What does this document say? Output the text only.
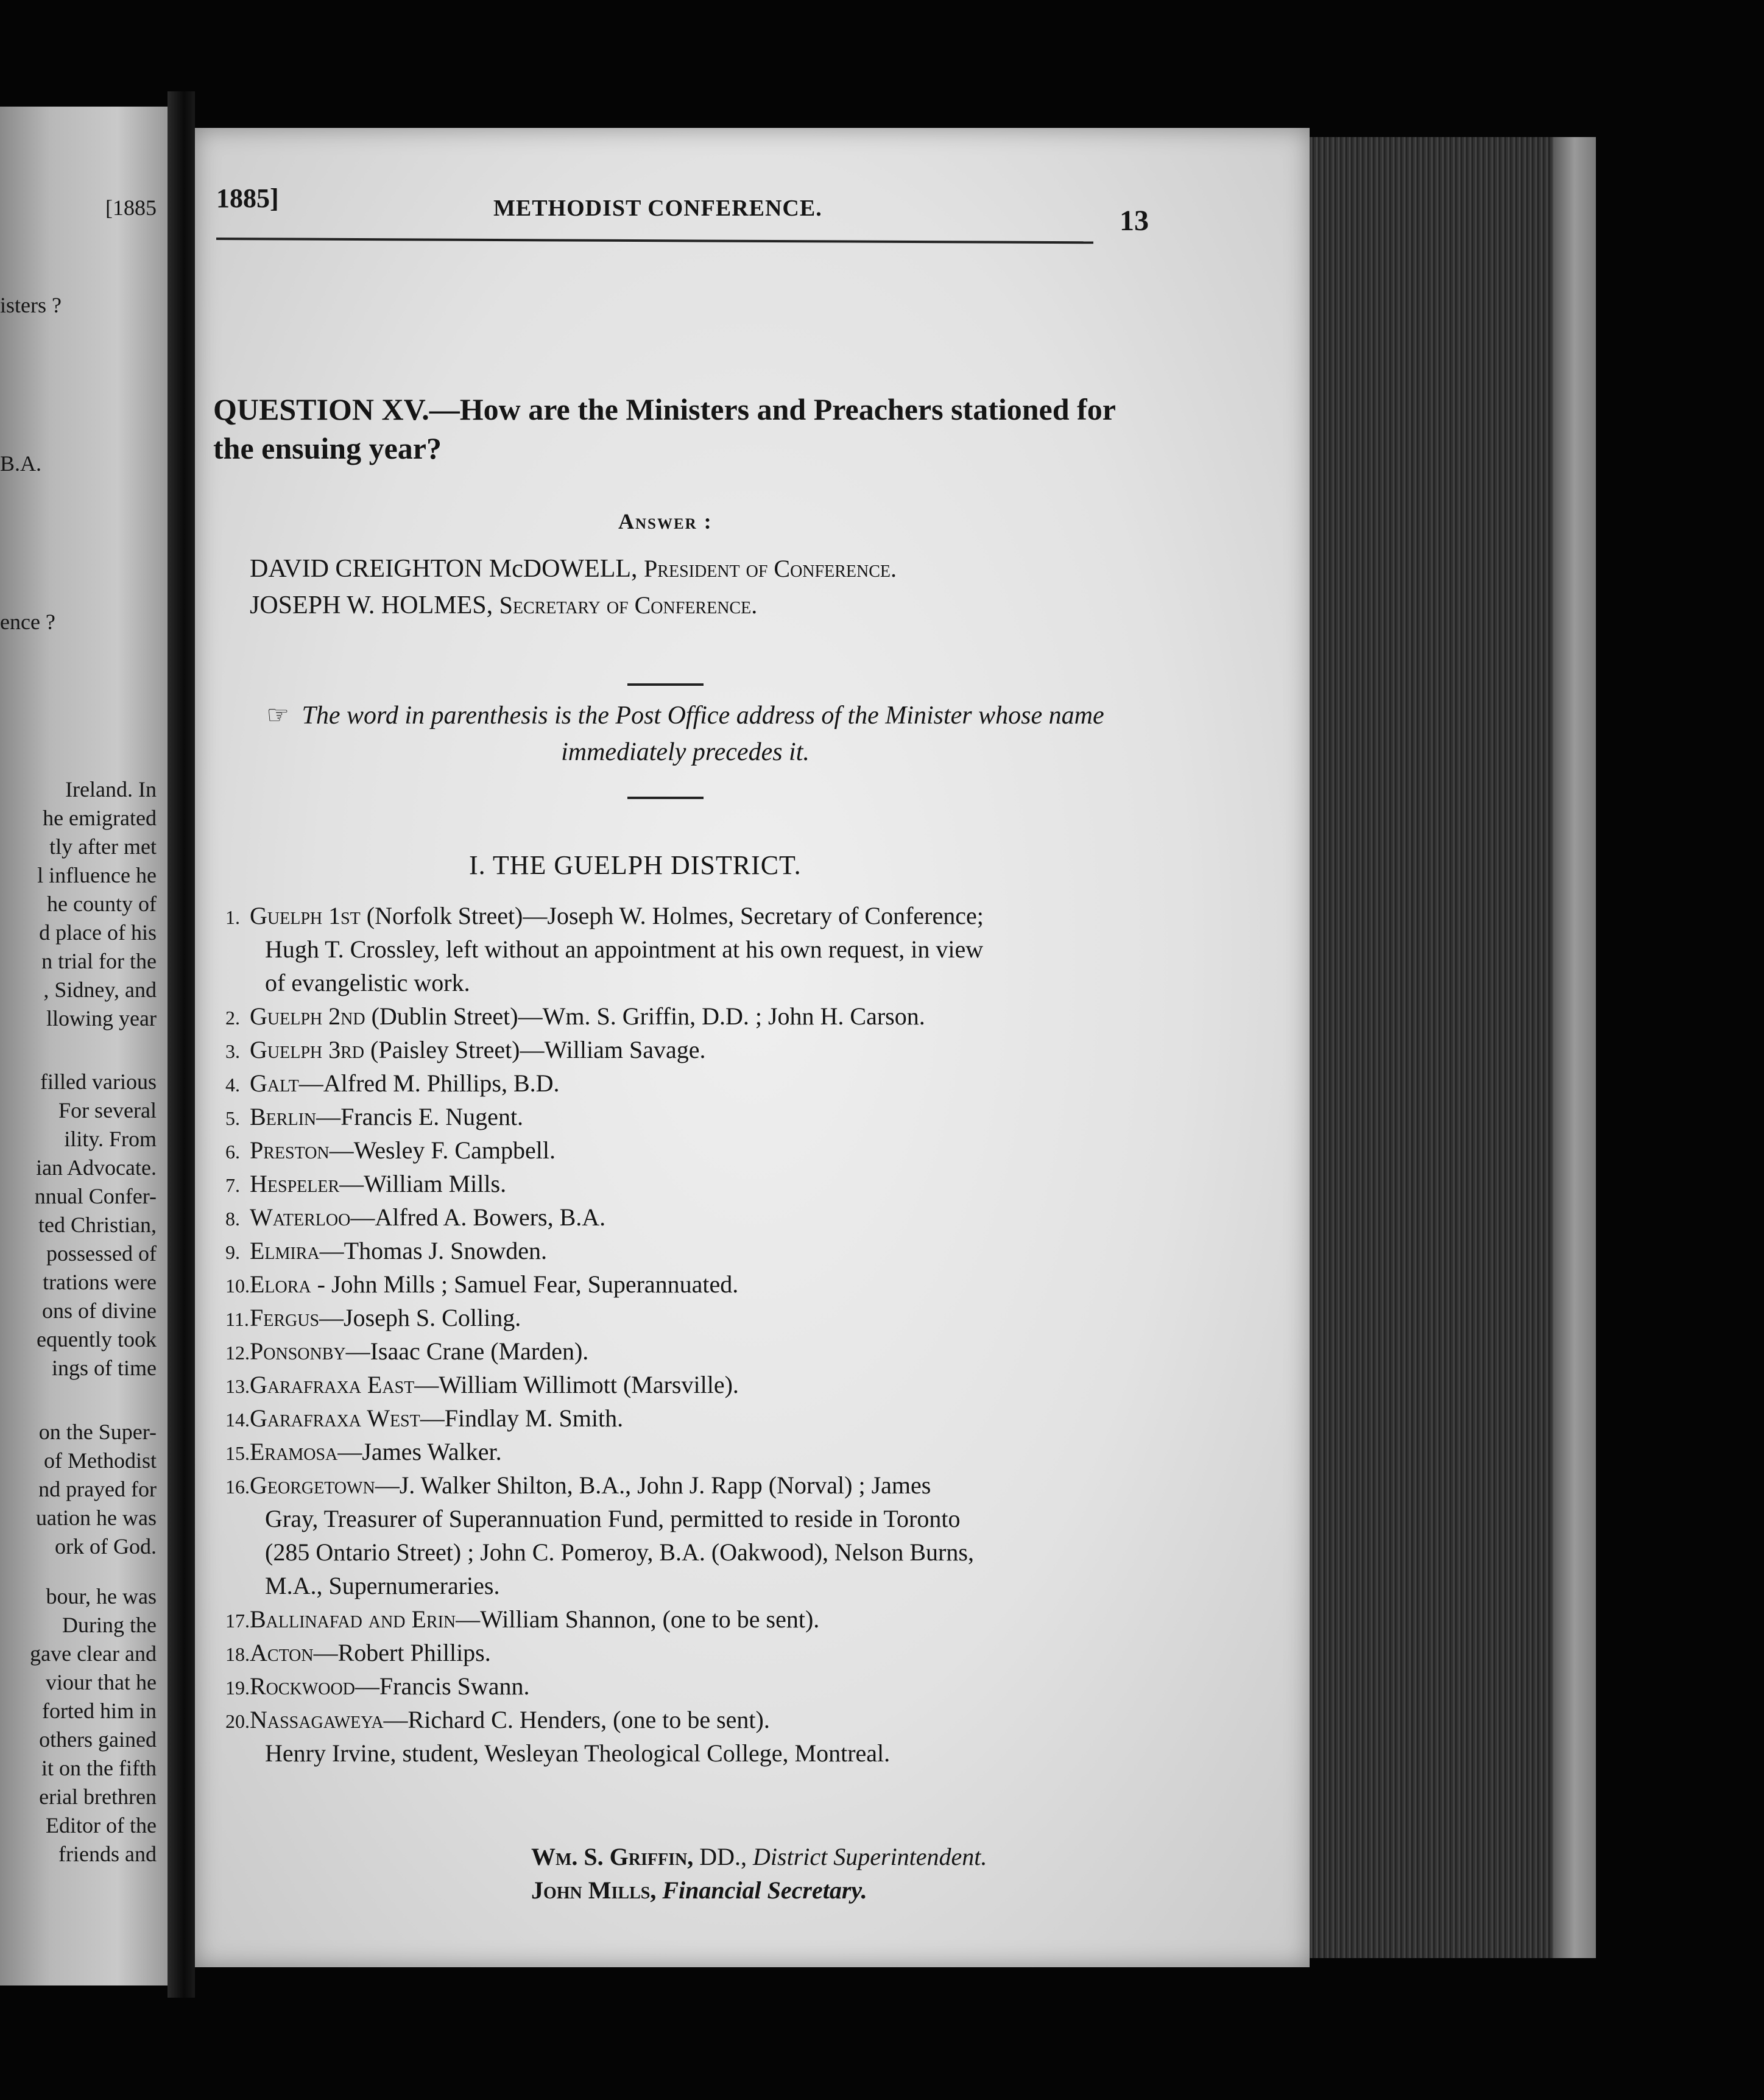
[1885
isters ?
B.A.
ence ?
Ireland. In
he emigrated
tly after met
l influence he
he county of
d place of his
n trial for the
, Sidney, and
llowing year
filled various
For several
ility. From
ian Advocate.
nnual Confer-
ted Christian,
possessed of
trations were
ons of divine
equently took
ings of time
on the Super-
of Methodist
nd prayed for
uation he was
ork of God.
bour, he was
During the
gave clear and
viour that he
forted him in
others gained
it on the fifth
erial brethren
Editor of the
friends and
1885]	METHODIST CONFERENCE.	13
QUESTION XV.—How are the Ministers and Preachers stationed for the ensuing year?
Answer :
DAVID CREIGHTON McDOWELL, President of Conference.
JOSEPH W. HOLMES, Secretary of Conference.
☞ The word in parenthesis is the Post Office address of the Minister whose name immediately precedes it.
I. THE GUELPH DISTRICT.
1. Guelph 1st (Norfolk Street)—Joseph W. Holmes, Secretary of Conference;
Hugh T. Crossley, left without an appointment at his own request, in view
of evangelistic work.
2. Guelph 2nd (Dublin Street)—Wm. S. Griffin, D.D. ; John H. Carson.
3. Guelph 3rd (Paisley Street)—William Savage.
4. Galt—Alfred M. Phillips, B.D.
5. Berlin—Francis E. Nugent.
6. Preston—Wesley F. Campbell.
7. Hespeler—William Mills.
8. Waterloo—Alfred A. Bowers, B.A.
9. Elmira—Thomas J. Snowden.
10. Elora - John Mills ; Samuel Fear, Superannuated.
11. Fergus—Joseph S. Colling.
12. Ponsonby—Isaac Crane (Marden).
13. Garafraxa East—William Willimott (Marsville).
14. Garafraxa West—Findlay M. Smith.
15. Eramosa—James Walker.
16. Georgetown—J. Walker Shilton, B.A., John J. Rapp (Norval) ; James
Gray, Treasurer of Superannuation Fund, permitted to reside in Toronto
(285 Ontario Street) ; John C. Pomeroy, B.A. (Oakwood), Nelson Burns,
M.A., Supernumeraries.
17. Ballinafad and Erin—William Shannon, (one to be sent).
18. Acton—Robert Phillips.
19. Rockwood—Francis Swann.
20. Nassagaweya—Richard C. Henders, (one to be sent).
Henry Irvine, student, Wesleyan Theological College, Montreal.
Wm. S. Griffin, DD., District Superintendent.
John Mills, Financial Secretary.
